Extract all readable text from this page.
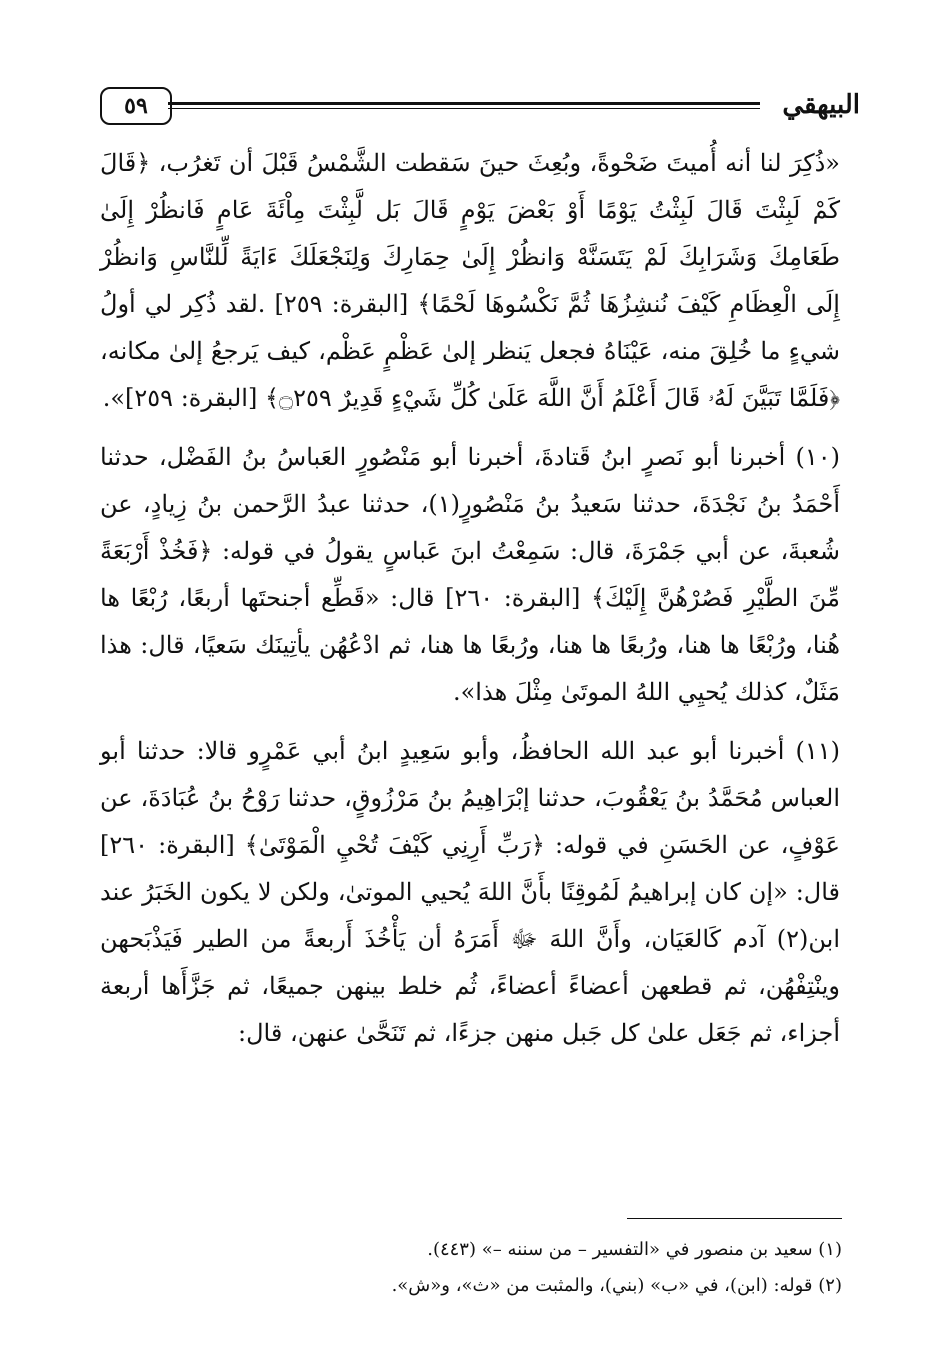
٥٩	البيهقي

«ذُكِرَ لنا أنه أُميتَ ضَحْوةً، وبُعِثَ حينَ سَقطت الشَّمْسُ قَبْلَ أن تَغرُب، ﴿قَالَ كَمْ لَبِثْتَ قَالَ لَبِثْتُ يَوْمًا أَوْ بَعْضَ يَوْمٍ قَالَ بَل لَّبِثْتَ مِاْئَةَ عَامٍ فَانظُرْ إِلَىٰ طَعَامِكَ وَشَرَابِكَ لَمْ يَتَسَنَّهْ وَانظُرْ إِلَىٰ حِمَارِكَ وَلِنَجْعَلَكَ ءَايَةً لِّلنَّاسِ وَانظُرْ إِلَى الْعِظَامِ كَيْفَ نُنشِزُهَا ثُمَّ نَكْسُوهَا لَحْمًا﴾ [البقرة: ٢٥٩] .لقد ذُكِر لي أولُ شيءٍ ما خُلِقَ منه، عَيْنَاهُ فجعل يَنظر إلىٰ عَظْمٍ عَظْم، كيف يَرجعُ إلىٰ مكانه، ﴿فَلَمَّا تَبَيَّنَ لَهُۥ قَالَ أَعْلَمُ أَنَّ اللَّهَ عَلَىٰ كُلِّ شَيْءٍ قَدِيرٌ ۝٢٥٩﴾ [البقرة: ٢٥٩]».

(١٠) أخبرنا أبو نَصرٍ ابنُ قَتادةَ، أخبرنا أبو مَنْصُورٍ العَباسُ بنُ الفَضْل، حدثنا أَحْمَدُ بنُ نَجْدَةَ، حدثنا سَعيدُ بنُ مَنْصُورٍ(١)، حدثنا عبدُ الرَّحمن بنُ زِيادٍ، عن شُعبةَ، عن أبي جَمْرَةَ، قال: سَمِعْتُ ابنَ عَباسٍ يقولُ في قوله: ﴿فَخُذْ أَرْبَعَةً مِّنَ الطَّيْرِ فَصُرْهُنَّ إِلَيْكَ﴾ [البقرة: ٢٦٠] قال: «قَطِّع أجنحتَها أربعًا، رُبْعًا ها هُنا، ورُبْعًا ها هنا، ورُبعًا ها هنا، ورُبعًا ها هنا، ثم ادْعُهُن يأتِينَك سَعيًا، قال: هذا مَثَلٌ، كذلك يُحيِي اللهُ الموتَىٰ مِثْلَ هذا».

(١١) أخبرنا أبو عبد الله الحافظُ، وأبو سَعِيدٍ ابنُ أبي عَمْرٍو قالا: حدثنا أبو العباس مُحَمَّدُ بنُ يَعْقُوبَ، حدثنا إبْرَاهِيمُ بنُ مَرْزُوقٍ، حدثنا رَوْحُ بنُ عُبَادَةَ، عن عَوْفٍ، عن الحَسَنِ في قوله: ﴿رَبِّ أَرِنِي كَيْفَ تُحْيِ الْمَوْتَىٰ﴾ [البقرة: ٢٦٠] قال: «إن كان إبراهيمُ لَمُوقِنًا بأَنَّ اللهَ يُحيي الموتىٰ، ولكن لا يكون الخَبَرُ عند ابن(٢) آدم كَالعَيَان، وأَنَّ اللهَ ﷻ أَمَرَهُ أن يَأْخُذَ أَربعةً من الطير فَيَذْبَحهن وينْتِفْهُن، ثم قطعهن أعضاءً أعضاءً، ثُم خلط بينهن جميعًا، ثم جَزَّأَها أربعة أجزاء، ثم جَعَل علىٰ كل جَبل منهن جزءًا، ثم تَنَحَّىٰ عنهن، قال:

(١) سعيد بن منصور في «التفسير – من سننه –» (٤٤٣).
(٢) قوله: (ابن)، في «ب» (بني)، والمثبت من «ث»، و«ش».
